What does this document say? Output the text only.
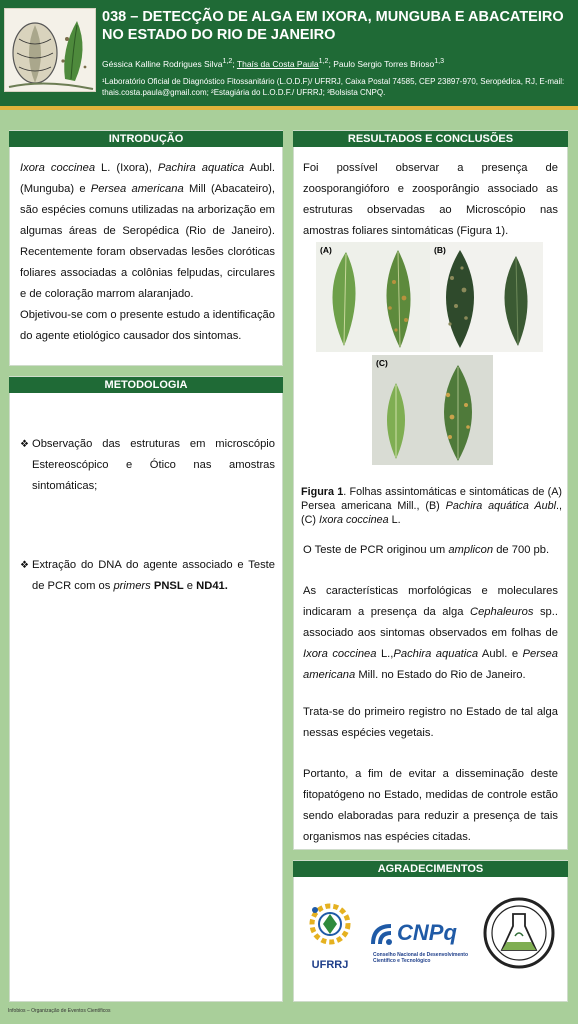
038 – DETECÇÃO DE ALGA EM IXORA, MUNGUBA E ABACATEIRO NO ESTADO DO RIO DE JANEIRO
Géssica Kalline Rodrigues Silva$^{1,2}$; Thaís da Costa Paula$^{1,2}$; Paulo Sergio Torres Brioso$^{1,3}$
¹Laboratório Oficial de Diagnóstico Fitossanitário (L.O.D.F)/ UFRRJ, Caixa Postal 74585, CEP 23897-970, Seropédica, RJ, E-mail: thais.costa.paula@gmail.com; ²Estagiária do L.O.D.F./ UFRRJ; ³Bolsista CNPQ.
INTRODUÇÃO
Ixora coccinea L. (Ixora), Pachira aquatica Aubl. (Munguba) e Persea americana Mill (Abacateiro), são espécies comuns utilizadas na arborização em algumas áreas de Seropédica (Rio de Janeiro). Recentemente foram observadas lesões cloróticas foliares associadas a colônias felpudas, circulares e de coloração marrom alaranjado.
Objetivou-se com o presente estudo a identificação do agente etiológico causador dos sintomas.
METODOLOGIA
❖ Observação das estruturas em microscópio Estereoscópico e Ótico nas amostras sintomáticas;
❖ Extração do DNA do agente associado e Teste de PCR com os primers PNSL e ND41.
RESULTADOS E CONCLUSÕES
Foi possível observar a presença de zoosporangióforo e zoosporângio associado as estruturas observadas ao Microscópio nas amostras foliares sintomáticas (Figura 1).
(A)	(B)
(C)
Figura 1. Folhas assintomáticas e sintomáticas de (A) Persea americana Mill., (B) Pachira aquática Aubl., (C) Ixora coccinea L.
O Teste de PCR originou um amplicon de 700 pb.
As características morfológicas e moleculares indicaram a presença da alga Cephaleuros sp.. associado aos sintomas observados em folhas de Ixora coccinea L.,Pachira aquatica Aubl. e Persea americana Mill. no Estado do Rio de Janeiro.
Trata-se do primeiro registro no Estado de tal alga nessas espécies vegetais.
Portanto, a fim de evitar a disseminação deste fitopatógeno no Estado, medidas de controle estão sendo elaboradas para reduzir a presença de tais organismos nas espécies citadas.
AGRADECIMENTOS
UFRRJ
CNPq
Conselho Nacional de Desenvolvimento
Científico e Tecnológico
Infobios – Organização de Eventos Científicos
